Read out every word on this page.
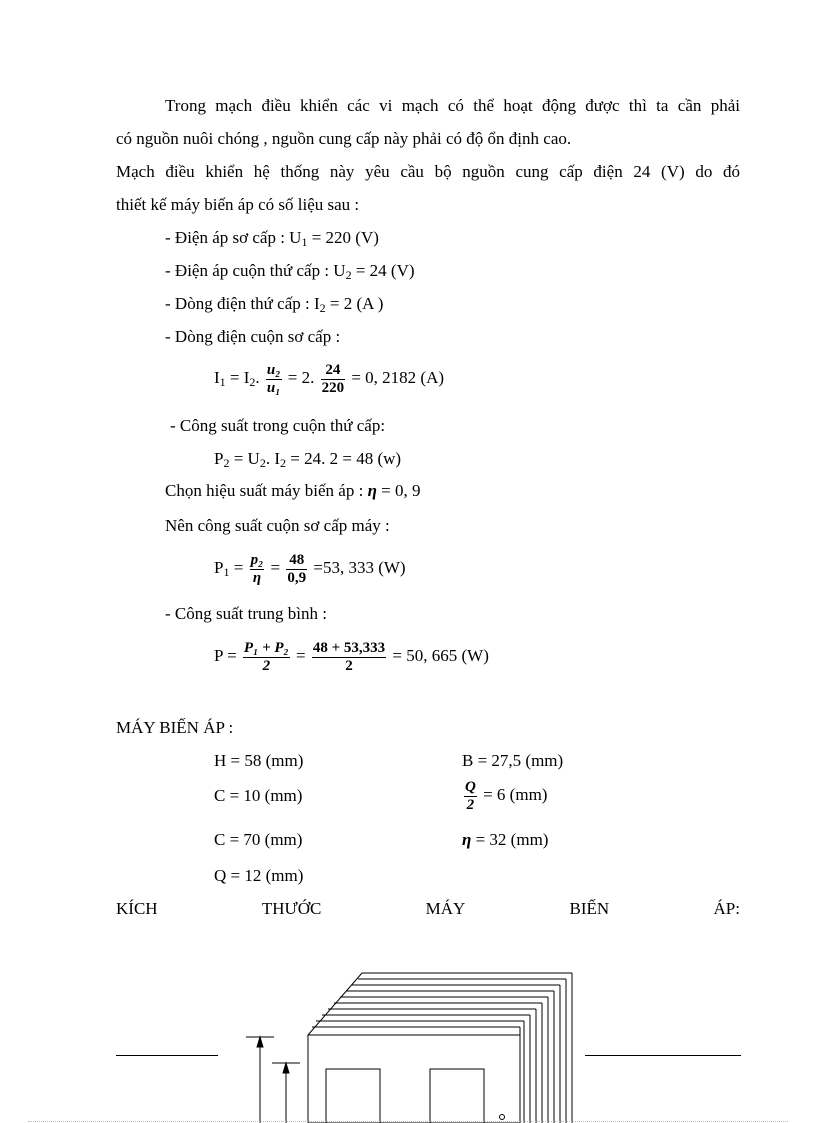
Trong mạch điều khiển các vi mạch có thể hoạt động được thì ta cần phải
có nguồn nuôi chóng , nguồn cung cấp này phải có độ ổn định cao.
Mạch điều khiển hệ thống này yêu cầu bộ nguồn cung cấp điện 24 (V) do đó
thiết kế máy biến áp có số liệu sau :
- Điện áp sơ cấp : $U_1 = 220$ (V)
- Điện áp cuộn thứ cấp : $U_2 = 24$ (V)
- Dòng điện thứ cấp : $I_2 = 2$ (A )
- Dòng điện cuộn sơ cấp :
$I_1 = I_2$. $\frac{\text{u₂}}{\text{u₁}} = 2$. $\frac{24}{220} = 0$, 2182 (A)
- Công suất trong cuộn thứ cấp:
$P_2 = U_2$. $I_2 = 24$. 2 = 48 (w)
Chọn hiệu suất máy biến áp : η = 0, 9
Nên công suất cuộn sơ cấp máy :
$P_1 = \frac{\text{p₂}}{\eta} = \frac{48}{0,9} =53$, 333 (W)
- Công suất trung bình :
$P = \frac{\text{P₁ + P₂}}{2} = \frac{48 + 53,333}{2} = 50$, 665 (W)
MÁY BIẾN ÁP :
H = 58 (mm)	B = 27,5 (mm)
C = 10 (mm)	$\frac{Q}{2} = 6$ (mm)
C = 70 (mm)	η = 32 (mm)
Q = 12 (mm)
KÍCH	THƯỚC	MÁY	BIẾN	ÁP:
